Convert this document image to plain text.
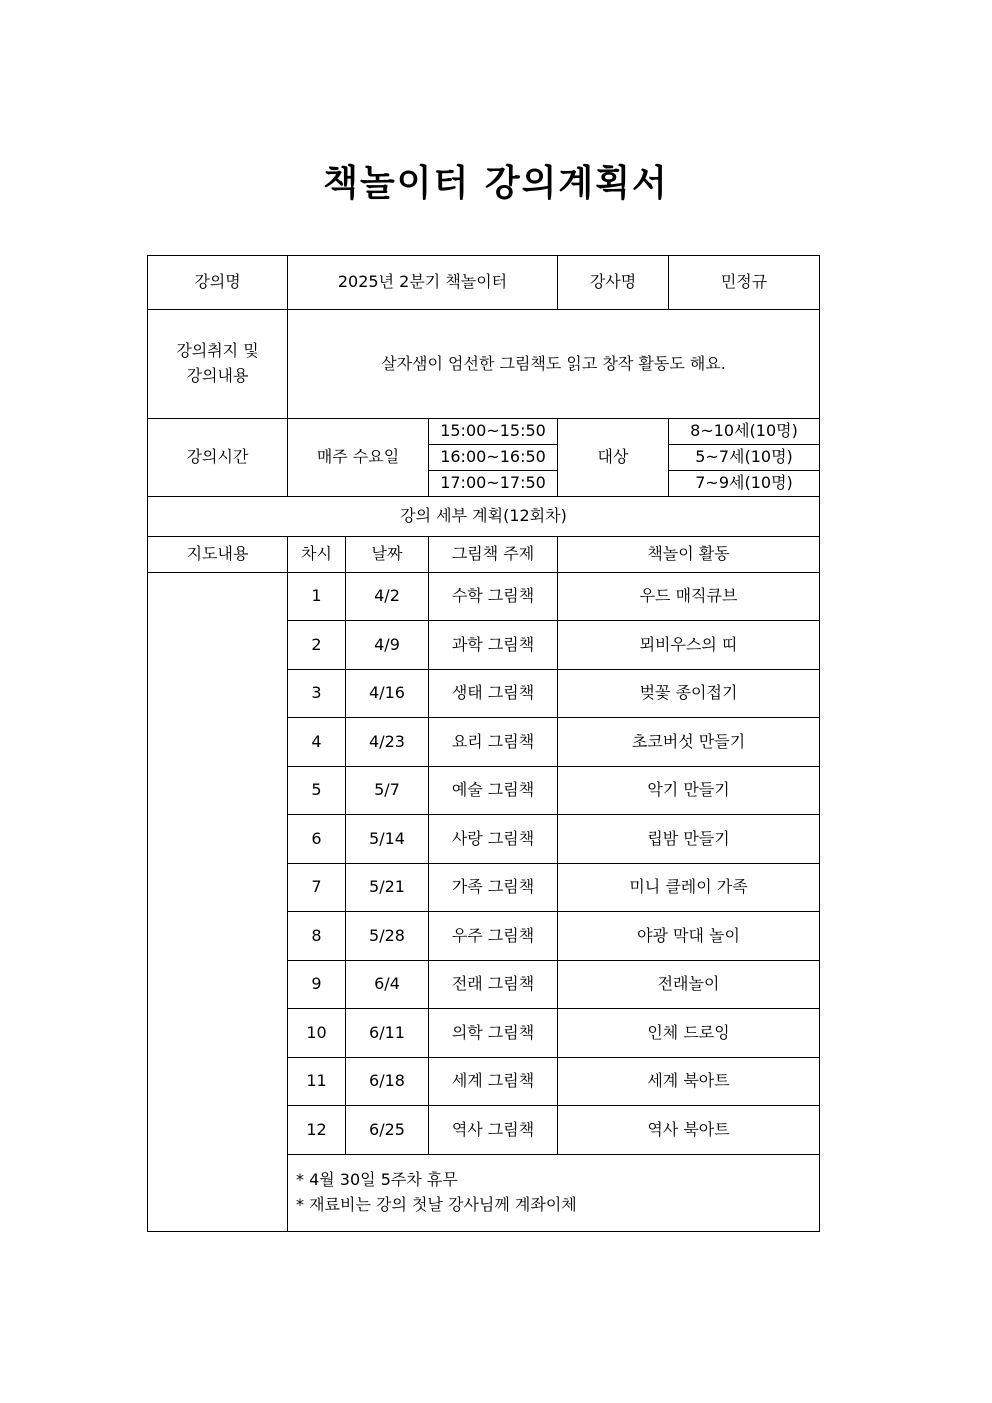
책놀이터 강의계획서
강의명	2025년 2분기 책놀이터			강사명	민정규
강의취지 및
강의내용	살자샘이 엄선한 그림책도 읽고 창작 활동도 해요.				
강의시간	매주 수요일		15:00~15:50	대상	8~10세(10명)
			16:00~16:50		5~7세(10명)
			17:00~17:50		7~9세(10명)
강의 세부 계획(12회차)					
지도내용	차시	날짜	그림책 주제	책놀이 활동	
	1	4/2	수학 그림책	우드 매직큐브	
	2	4/9	과학 그림책	뫼비우스의 띠	
	3	4/16	생태 그림책	벚꽃 종이접기	
	4	4/23	요리 그림책	초코버섯 만들기	
	5	5/7	예술 그림책	악기 만들기	
	6	5/14	사랑 그림책	립밤 만들기	
	7	5/21	가족 그림책	미니 클레이 가족	
	8	5/28	우주 그림책	야광 막대 놀이	
	9	6/4	전래 그림책	전래놀이	
	10	6/11	의학 그림책	인체 드로잉	
	11	6/18	세계 그림책	세계 북아트	
	12	6/25	역사 그림책	역사 북아트	

	* 4월 30일 5주차 휴무
* 재료비는 강의 첫날 강사님께 계좌이체				
